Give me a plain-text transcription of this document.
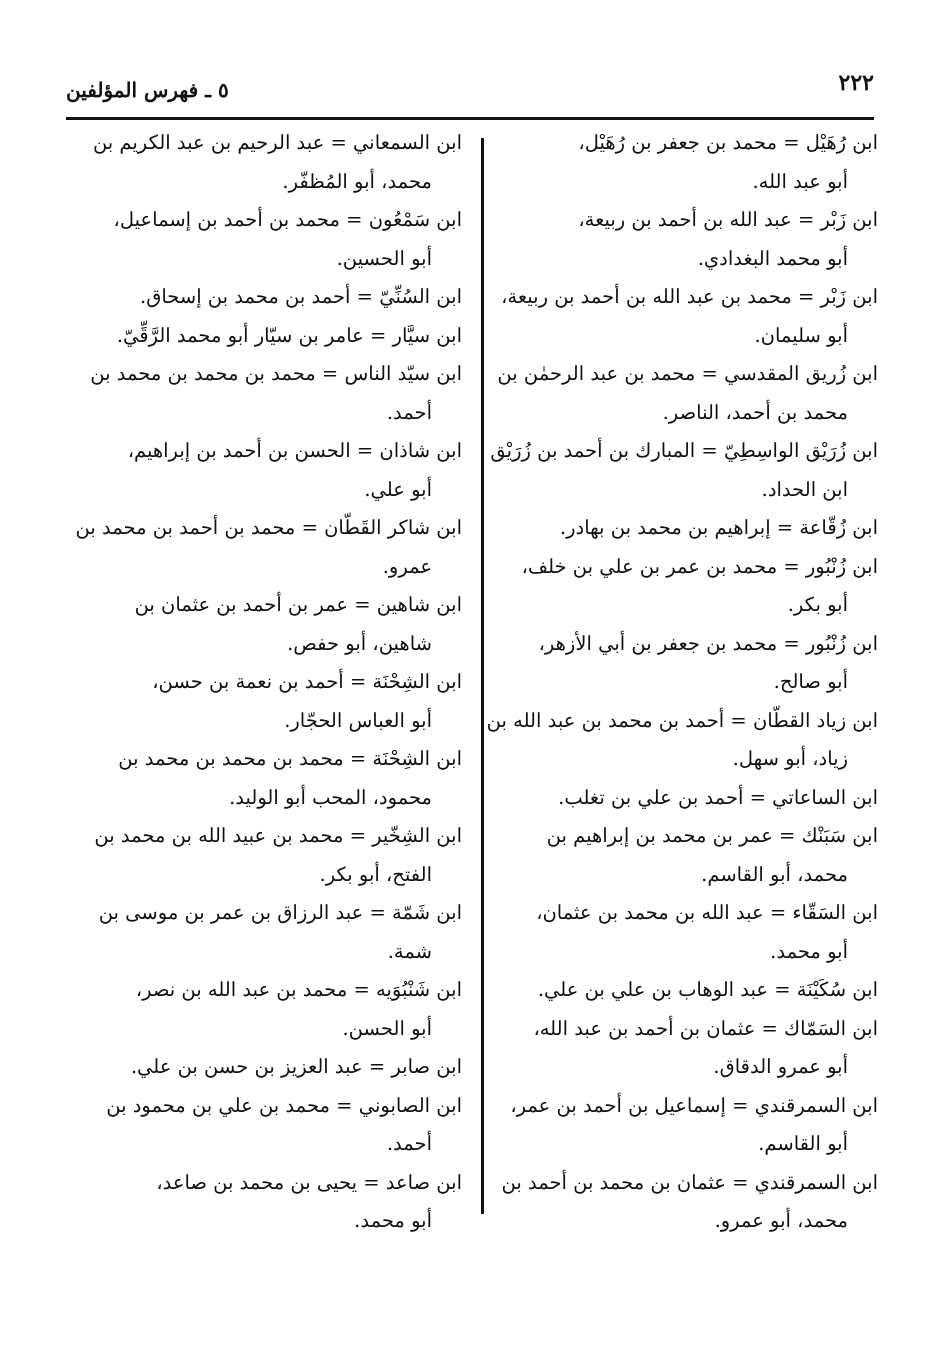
٢٢٢
٥ ـ فهرس المؤلفين
ابن رُهَيْل = محمد بن جعفر بن رُهَيْل،
أبو عبد الله.
ابن زَبْر = عبد الله بن أحمد بن ربيعة،
أبو محمد البغدادي.
ابن زَبْر = محمد بن عبد الله بن أحمد بن ربيعة،
أبو سليمان.
ابن زُريق المقدسي = محمد بن عبد الرحمٰن بن
محمد بن أحمد، الناصر.
ابن زُرَيْق الواسِطِيّ = المبارك بن أحمد بن زُرَيْق
ابن الحداد.
ابن زُقّاعة = إبراهيم بن محمد بن بهادر.
ابن زُنْبُور = محمد بن عمر بن علي بن خلف،
أبو بكر.
ابن زُنْبُور = محمد بن جعفر بن أبي الأزهر،
أبو صالح.
ابن زياد القطّان = أحمد بن محمد بن عبد الله بن
زياد، أبو سهل.
ابن الساعاتي = أحمد بن علي بن تغلب.
ابن سَبَنْك = عمر بن محمد بن إبراهيم بن
محمد، أبو القاسم.
ابن السَقّاء = عبد الله بن محمد بن عثمان،
أبو محمد.
ابن سُكَيْنَة = عبد الوهاب بن علي بن علي.
ابن السَمّاك = عثمان بن أحمد بن عبد الله،
أبو عمرو الدقاق.
ابن السمرقندي = إسماعيل بن أحمد بن عمر،
أبو القاسم.
ابن السمرقندي = عثمان بن محمد بن أحمد بن
محمد، أبو عمرو.
ابن السمعاني = عبد الرحيم بن عبد الكريم بن
محمد، أبو المُظفّر.
ابن سَمْعُون = محمد بن أحمد بن إسماعيل،
أبو الحسين.
ابن السُنِّيّ = أحمد بن محمد بن إسحاق.
ابن سيَّار = عامر بن سيّار أبو محمد الرَّقِّيّ.
ابن سيّد الناس = محمد بن محمد بن محمد بن
أحمد.
ابن شاذان = الحسن بن أحمد بن إبراهيم،
أبو علي.
ابن شاكر القَطّان = محمد بن أحمد بن محمد بن
عمرو.
ابن شاهين = عمر بن أحمد بن عثمان بن
شاهين، أبو حفص.
ابن الشِحْنَة = أحمد بن نعمة بن حسن،
أبو العباس الحجّار.
ابن الشِحْنَة = محمد بن محمد بن محمد بن
محمود، المحب أبو الوليد.
ابن الشِخّير = محمد بن عبيد الله بن محمد بن
الفتح، أبو بكر.
ابن شَمّة = عبد الرزاق بن عمر بن موسى بن
شمة.
ابن شَنْبُوَيه = محمد بن عبد الله بن نصر،
أبو الحسن.
ابن صابر = عبد العزيز بن حسن بن علي.
ابن الصابوني = محمد بن علي بن محمود بن
أحمد.
ابن صاعد = يحيى بن محمد بن صاعد،
أبو محمد.
